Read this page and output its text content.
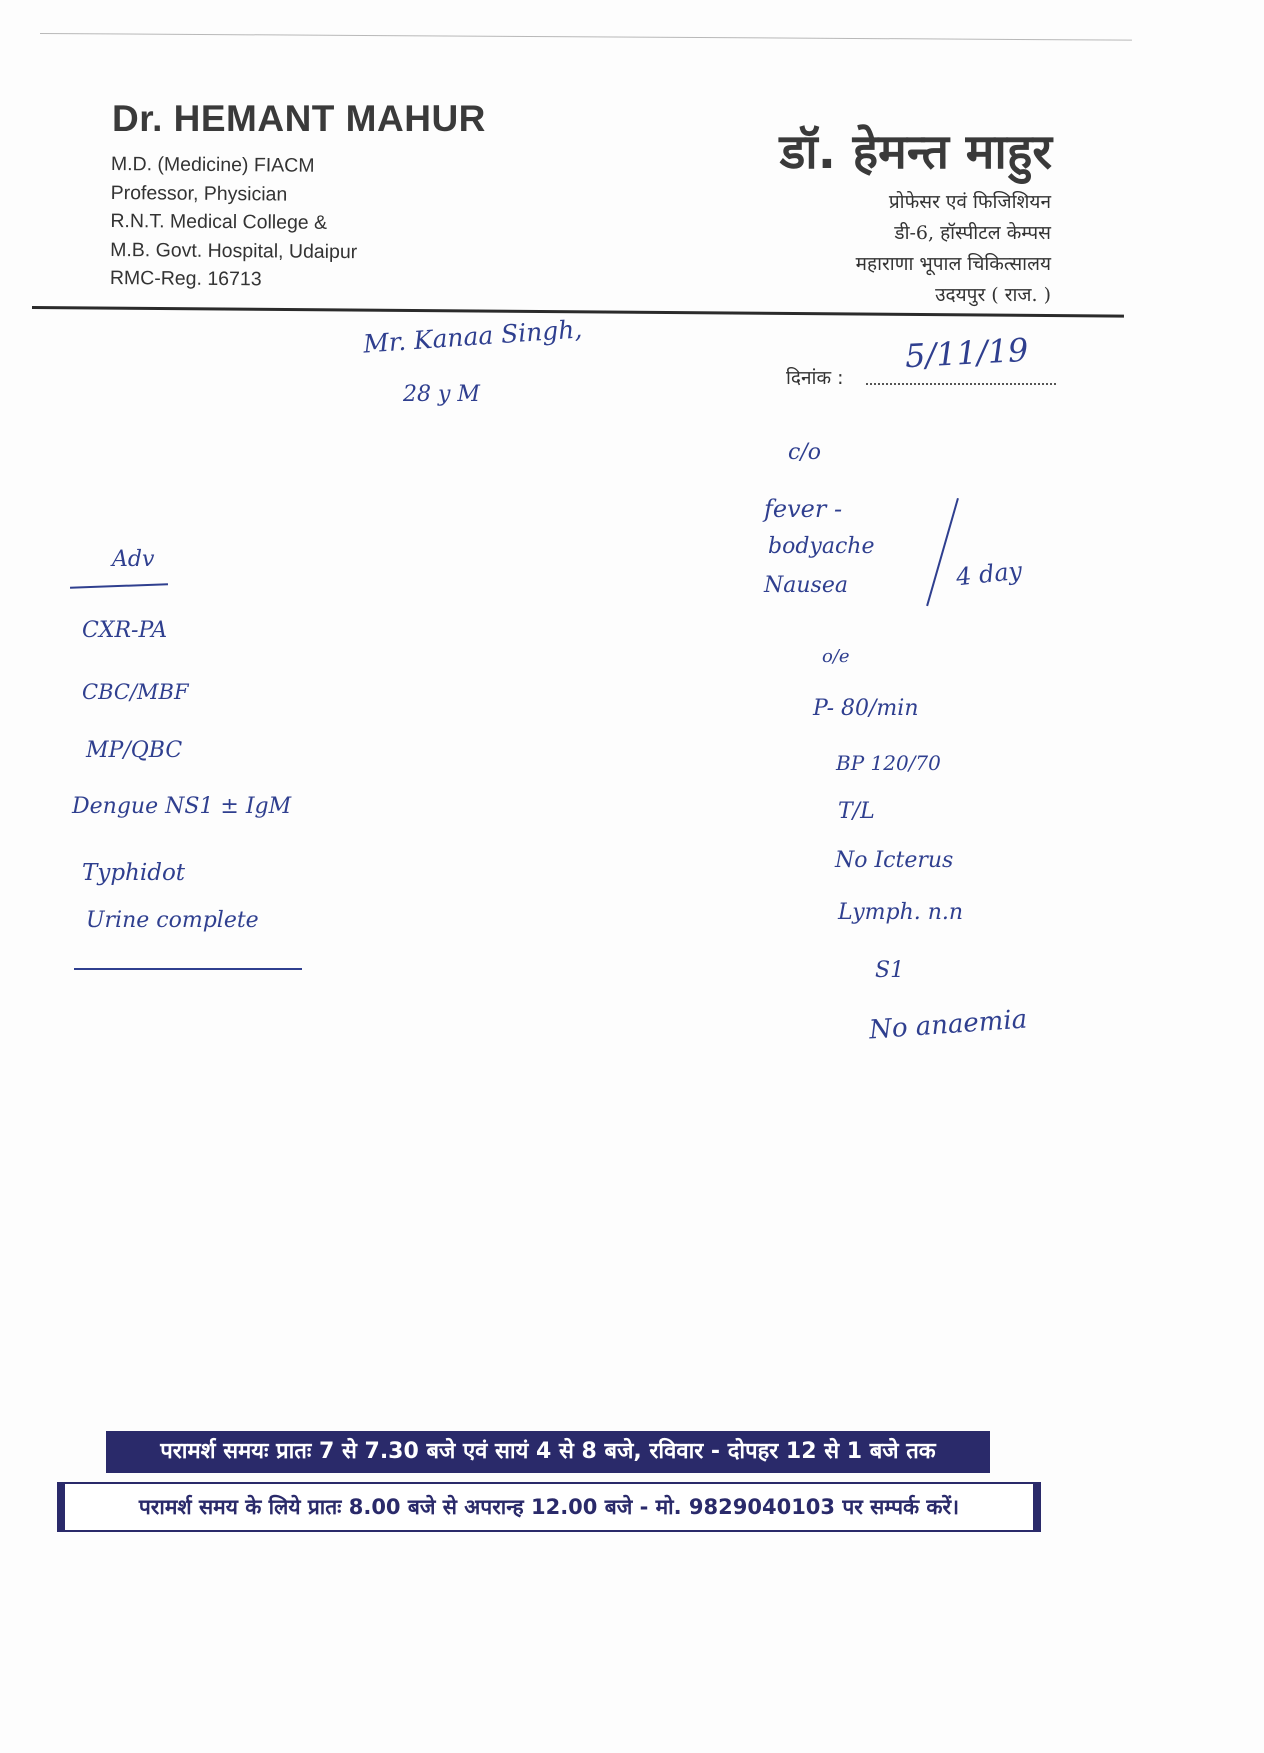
Dr. HEMANT MAHUR
M.D. (Medicine) FIACM
Professor, Physician
R.N.T. Medical College &
M.B. Govt. Hospital, Udaipur
RMC-Reg. 16713
डॉ. हेमन्त माहुर
प्रोफेसर एवं फिजिशियन
डी-6, हॉस्पीटल केम्पस
महाराणा भूपाल चिकित्सालय
उदयपुर ( राज. )
दिनांक :
5/11/19
Mr. Kanaa Singh,
28 y M
c/o
fever -
bodyache
Nausea	4 day
o/e
P- 80/min
BP 120/70
T/L
No Icterus
Lymph. n.n
S1
No anaemia
Adv
CXR-PA
CBC/MBF
MP/QBC
Dengue NS1 ± IgM
Typhidot
Urine complete
परामर्श समयः प्रातः 7 से 7.30 बजे एवं सायं 4 से 8 बजे, रविवार - दोपहर 12 से 1 बजे तक
परामर्श समय के लिये प्रातः 8.00 बजे से अपरान्ह 12.00 बजे - मो. 9829040103 पर सम्पर्क करें।
